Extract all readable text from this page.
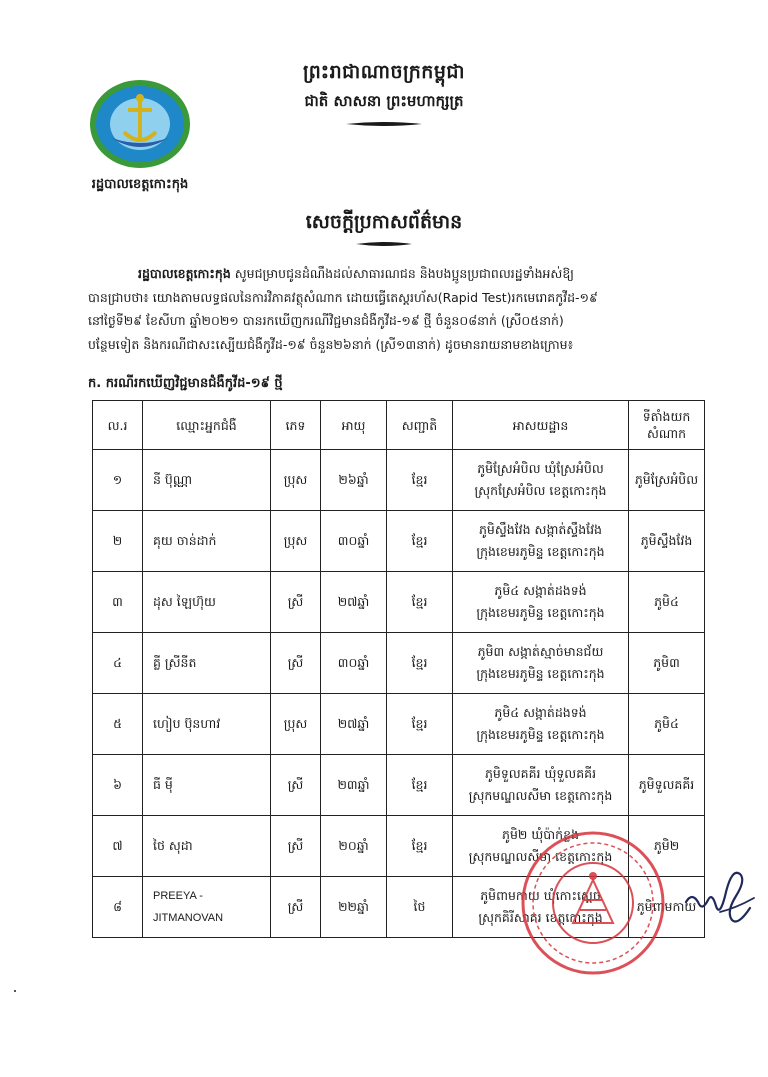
ព្រះរាជាណាចក្រកម្ពុជា
ជាតិ សាសនា ព្រះមហាក្សត្រ
រដ្ឋបាលខេត្តកោះកុង
សេចក្ដីប្រកាសព័ត៌មាន
រដ្ឋបាលខេត្តកោះកុង សូមជម្រាបជូនដំណឹងដល់សាធារណជន និងបងប្អូនប្រជាពលរដ្ឋទាំងអស់ឱ្យ
បានជ្រាបថា៖ យោងតាមលទ្ធផលនៃការវិភាគវត្ថុសំណាក ដោយធ្វើតេស្តរហ័ស(Rapid Test)រកមេរោគកូវីដ-១៩
នៅថ្ងៃទី២៩ ខែសីហា ឆ្នាំ២០២១ បានរកឃើញករណីវិជ្ជមានជំងឺកូវីដ-១៩ ថ្មី ចំនួន០៨នាក់ (ស្រី០៥នាក់)
បន្ថែមទៀត និងករណីជាសះស្បើយជំងឺកូវីដ-១៩ ចំនួន២៦នាក់ (ស្រី១៣នាក់) ដូចមានរាយនាមខាងក្រោម៖
ក. ករណីរកឃើញវិជ្ជមានជំងឺកូវីដ-១៩ ថ្មី
ល.រ	ឈ្មោះអ្នកជំងឺ	ភេទ	អាយុ	សញ្ជាតិ	អាសយដ្ឋាន	ទីតាំងយក
សំណាក
១	នី ប៊ុណ្ណា	ប្រុស	២៦ឆ្នាំ	ខ្មែរ	ភូមិស្រែអំបិល ឃុំស្រែអំបិល
ស្រុកស្រែអំបិល ខេត្តកោះកុង	ភូមិស្រែអំបិល
២	គុយ ចាន់ដាក់	ប្រុស	៣០ឆ្នាំ	ខ្មែរ	ភូមិស្ទឹងវែង សង្កាត់ស្ទឹងវែង
ក្រុងខេមរភូមិន្ទ ខេត្តកោះកុង	ភូមិស្ទឹងវែង
៣	ដុស ឡៃហ៊ុយ	ស្រី	២៧ឆ្នាំ	ខ្មែរ	ភូមិ៤ សង្កាត់ដងទង់
ក្រុងខេមរភូមិន្ទ ខេត្តកោះកុង	ភូមិ៤
៤	គ្លី ស្រីនីត	ស្រី	៣០ឆ្នាំ	ខ្មែរ	ភូមិ៣ សង្កាត់ស្មាច់មានជ័យ
ក្រុងខេមរភូមិន្ទ ខេត្តកោះកុង	ភូមិ៣
៥	ហៀប ប៊ុនហាវ	ប្រុស	២៧ឆ្នាំ	ខ្មែរ	ភូមិ៤ សង្កាត់ដងទង់
ក្រុងខេមរភូមិន្ទ ខេត្តកោះកុង	ភូមិ៤
៦	ធី ម៉ី	ស្រី	២៣ឆ្នាំ	ខ្មែរ	ភូមិទួលគគីរ ឃុំទួលគគីរ
ស្រុកមណ្ឌលសីមា ខេត្តកោះកុង	ភូមិទួលគគីរ
៧	ថៃ សុដា	ស្រី	២០ឆ្នាំ	ខ្មែរ	ភូមិ២ ឃុំប៉ាក់ខ្លង
ស្រុកមណ្ឌលសីមា ខេត្តកោះកុង	ភូមិ២
៨	PREEYA -
JITMANOVAN	ស្រី	២២ឆ្នាំ	ថៃ	ភូមិពាមកាយ ឃុំកោះស្ដេច
ស្រុកគិរីសាគរ ខេត្តកោះកុង	ភូមិពាមកាយ
